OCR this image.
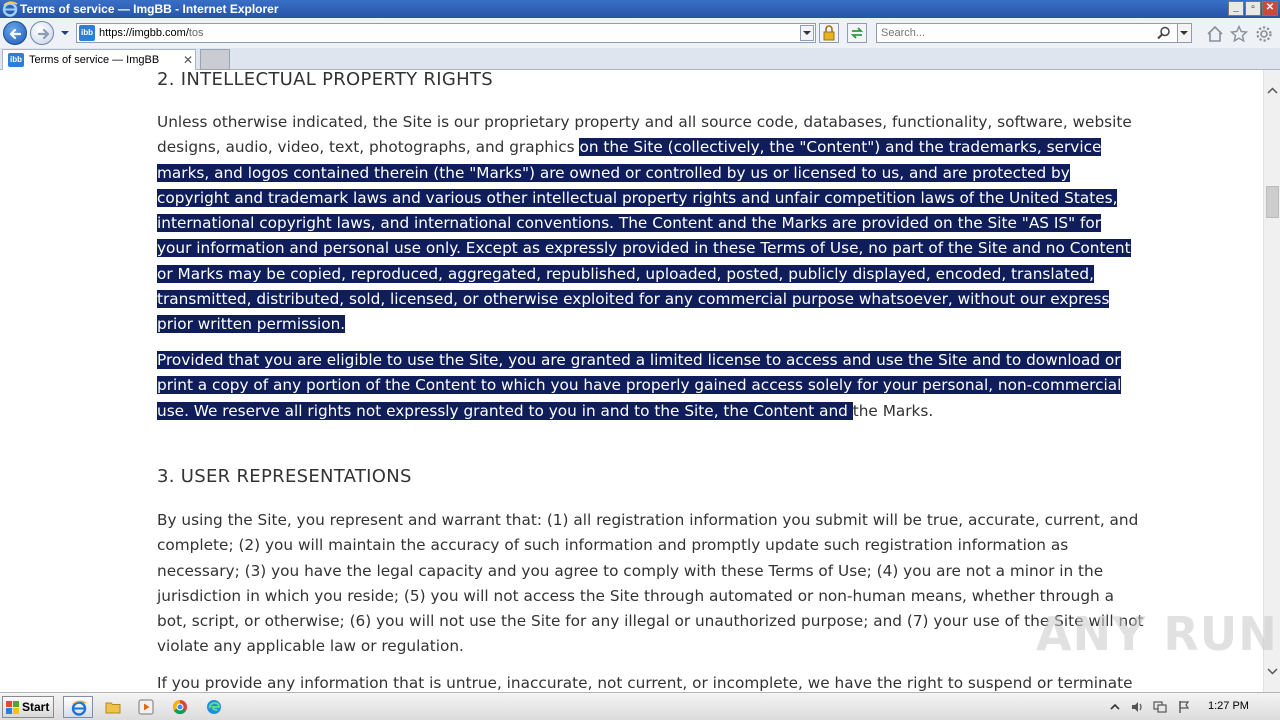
Terms of service — ImgBB - Internet Explorer	_	▫	✕
ibb https://imgbb.com/tos
Search...
ibb Terms of service — ImgBB ✕
2. INTELLECTUAL PROPERTY RIGHTS
Unless otherwise indicated, the Site is our proprietary property and all source code, databases, functionality, software, website
designs, audio, video, text, photographs, and graphics on the Site (collectively, the "Content") and the trademarks, service
marks, and logos contained therein (the "Marks") are owned or controlled by us or licensed to us, and are protected by
copyright and trademark laws and various other intellectual property rights and unfair competition laws of the United States,
international copyright laws, and international conventions. The Content and the Marks are provided on the Site "AS IS" for
your information and personal use only. Except as expressly provided in these Terms of Use, no part of the Site and no Content
or Marks may be copied, reproduced, aggregated, republished, uploaded, posted, publicly displayed, encoded, translated,
transmitted, distributed, sold, licensed, or otherwise exploited for any commercial purpose whatsoever, without our express
prior written permission.
Provided that you are eligible to use the Site, you are granted a limited license to access and use the Site and to download or
print a copy of any portion of the Content to which you have properly gained access solely for your personal, non-commercial
use. We reserve all rights not expressly granted to you in and to the Site, the Content and the Marks.
3. USER REPRESENTATIONS
By using the Site, you represent and warrant that: (1) all registration information you submit will be true, accurate, current, and
complete; (2) you will maintain the accuracy of such information and promptly update such registration information as
necessary; (3) you have the legal capacity and you agree to comply with these Terms of Use; (4) you are not a minor in the
jurisdiction in which you reside; (5) you will not access the Site through automated or non-human means, whether through a
bot, script, or otherwise; (6) you will not use the Site for any illegal or unauthorized purpose; and (7) your use of the Site will not
violate any applicable law or regulation.
If you provide any information that is untrue, inaccurate, not current, or incomplete, we have the right to suspend or terminate
ANY RUN
Start	1:27 PM
